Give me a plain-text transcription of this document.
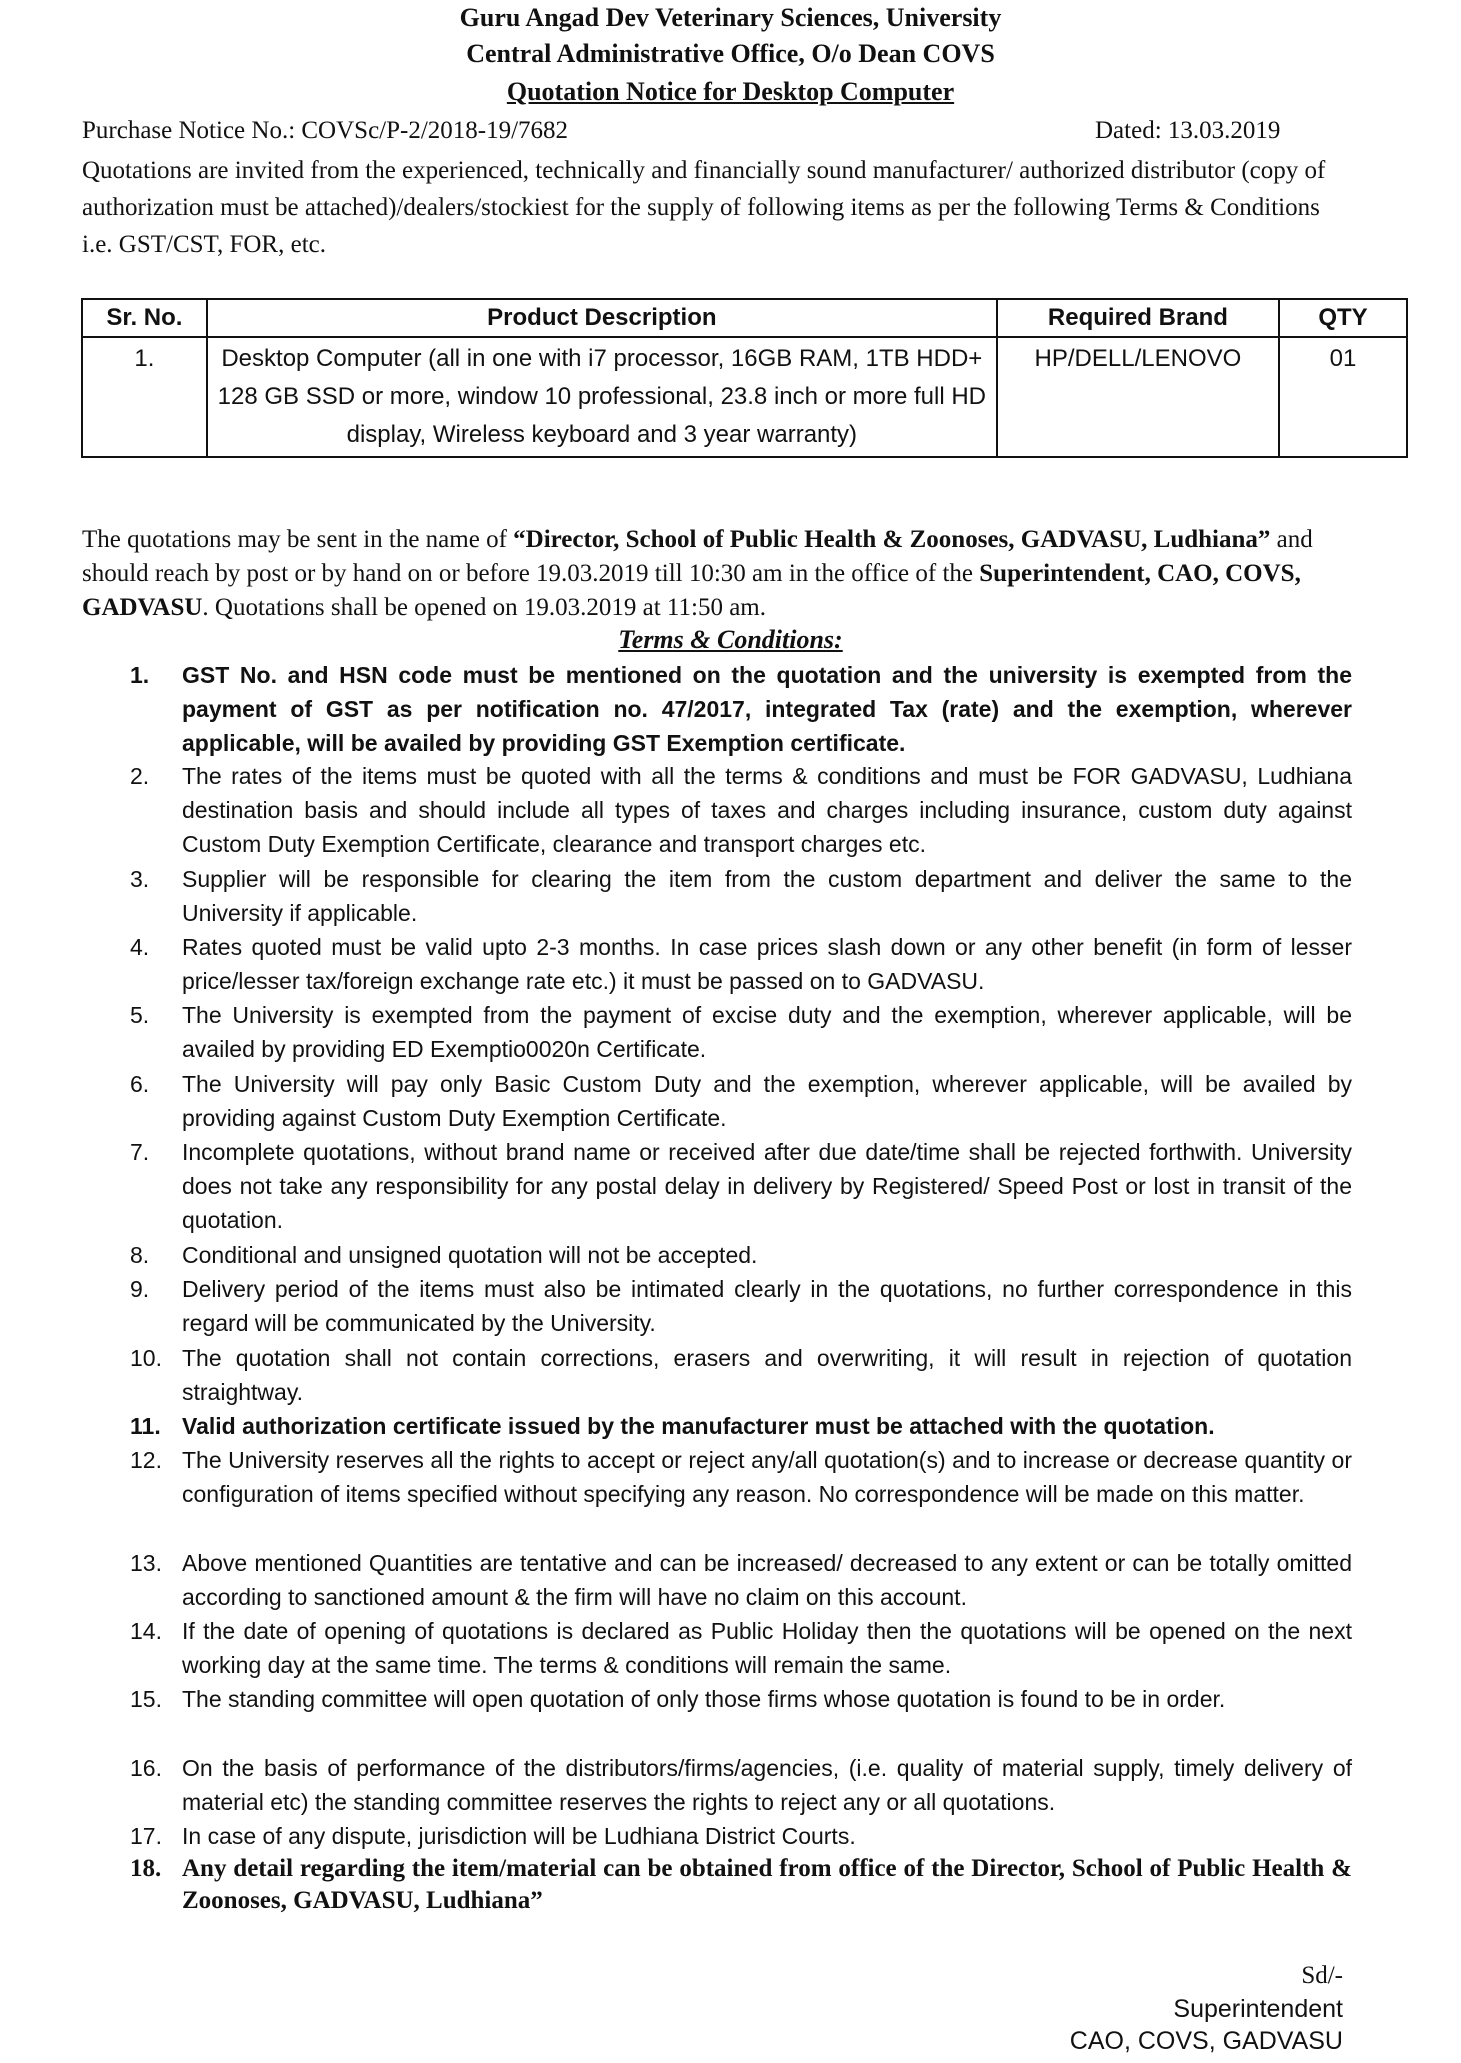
Guru Angad Dev Veterinary Sciences, University
Central Administrative Office, O/o Dean COVS
Quotation Notice for Desktop Computer
Purchase Notice No.: COVSc/P-2/2018-19/7682	Dated: 13.03.2019
Quotations are invited from the experienced, technically and financially sound manufacturer/ authorized distributor (copy of authorization must be attached)/dealers/stockiest for the supply of following items as per the following Terms & Conditions i.e. GST/CST, FOR, etc.
Sr. No.	Product Description	Required Brand	QTY
1.	Desktop Computer (all in one with i7 processor, 16GB RAM, 1TB HDD+ 128 GB SSD or more, window 10 professional, 23.8 inch or more full HD display, Wireless keyboard and 3 year warranty)	HP/DELL/LENOVO	01
The quotations may be sent in the name of “Director, School of Public Health & Zoonoses, GADVASU, Ludhiana” and should reach by post or by hand on or before 19.03.2019 till 10:30 am in the office of the Superintendent, CAO, COVS, GADVASU. Quotations shall be opened on 19.03.2019 at 11:50 am.
Terms & Conditions:
1.	GST No. and HSN code must be mentioned on the quotation and the university is exempted from the payment of GST as per notification no. 47/2017, integrated Tax (rate) and the exemption, wherever applicable, will be availed by providing GST Exemption certificate.
2.	The rates of the items must be quoted with all the terms & conditions and must be FOR GADVASU, Ludhiana destination basis and should include all types of taxes and charges including insurance, custom duty against Custom Duty Exemption Certificate, clearance and transport charges etc.
3.	Supplier will be responsible for clearing the item from the custom department and deliver the same to the University if applicable.
4.	Rates quoted must be valid upto 2-3 months. In case prices slash down or any other benefit (in form of lesser price/lesser tax/foreign exchange rate etc.) it must be passed on to GADVASU.
5.	The University is exempted from the payment of excise duty and the exemption, wherever applicable, will be availed by providing ED Exemptio0020n Certificate.
6.	The University will pay only Basic Custom Duty and the exemption, wherever applicable, will be availed by providing against Custom Duty Exemption Certificate.
7.	Incomplete quotations, without brand name or received after due date/time shall be rejected forthwith. University does not take any responsibility for any postal delay in delivery by Registered/ Speed Post or lost in transit of the quotation.
8.	Conditional and unsigned quotation will not be accepted.
9.	Delivery period of the items must also be intimated clearly in the quotations, no further correspondence in this regard will be communicated by the University.
10. The quotation shall not contain corrections, erasers and overwriting, it will result in rejection of quotation straightway.
11. Valid authorization certificate issued by the manufacturer must be attached with the quotation.
12. The University reserves all the rights to accept or reject any/all quotation(s) and to increase or decrease quantity or configuration of items specified without specifying any reason. No correspondence will be made on this matter.
13. Above mentioned Quantities are tentative and can be increased/ decreased to any extent or can be totally omitted according to sanctioned amount & the firm will have no claim on this account.
14. If the date of opening of quotations is declared as Public Holiday then the quotations will be opened on the next working day at the same time. The terms & conditions will remain the same.
15. The standing committee will open quotation of only those firms whose quotation is found to be in order.
16. On the basis of performance of the distributors/firms/agencies, (i.e. quality of material supply, timely delivery of material etc) the standing committee reserves the rights to reject any or all quotations.
17. In case of any dispute, jurisdiction will be Ludhiana District Courts.
18. Any detail regarding the item/material can be obtained from office of the Director, School of Public Health & Zoonoses, GADVASU, Ludhiana”
Sd/-
Superintendent
CAO, COVS, GADVASU
